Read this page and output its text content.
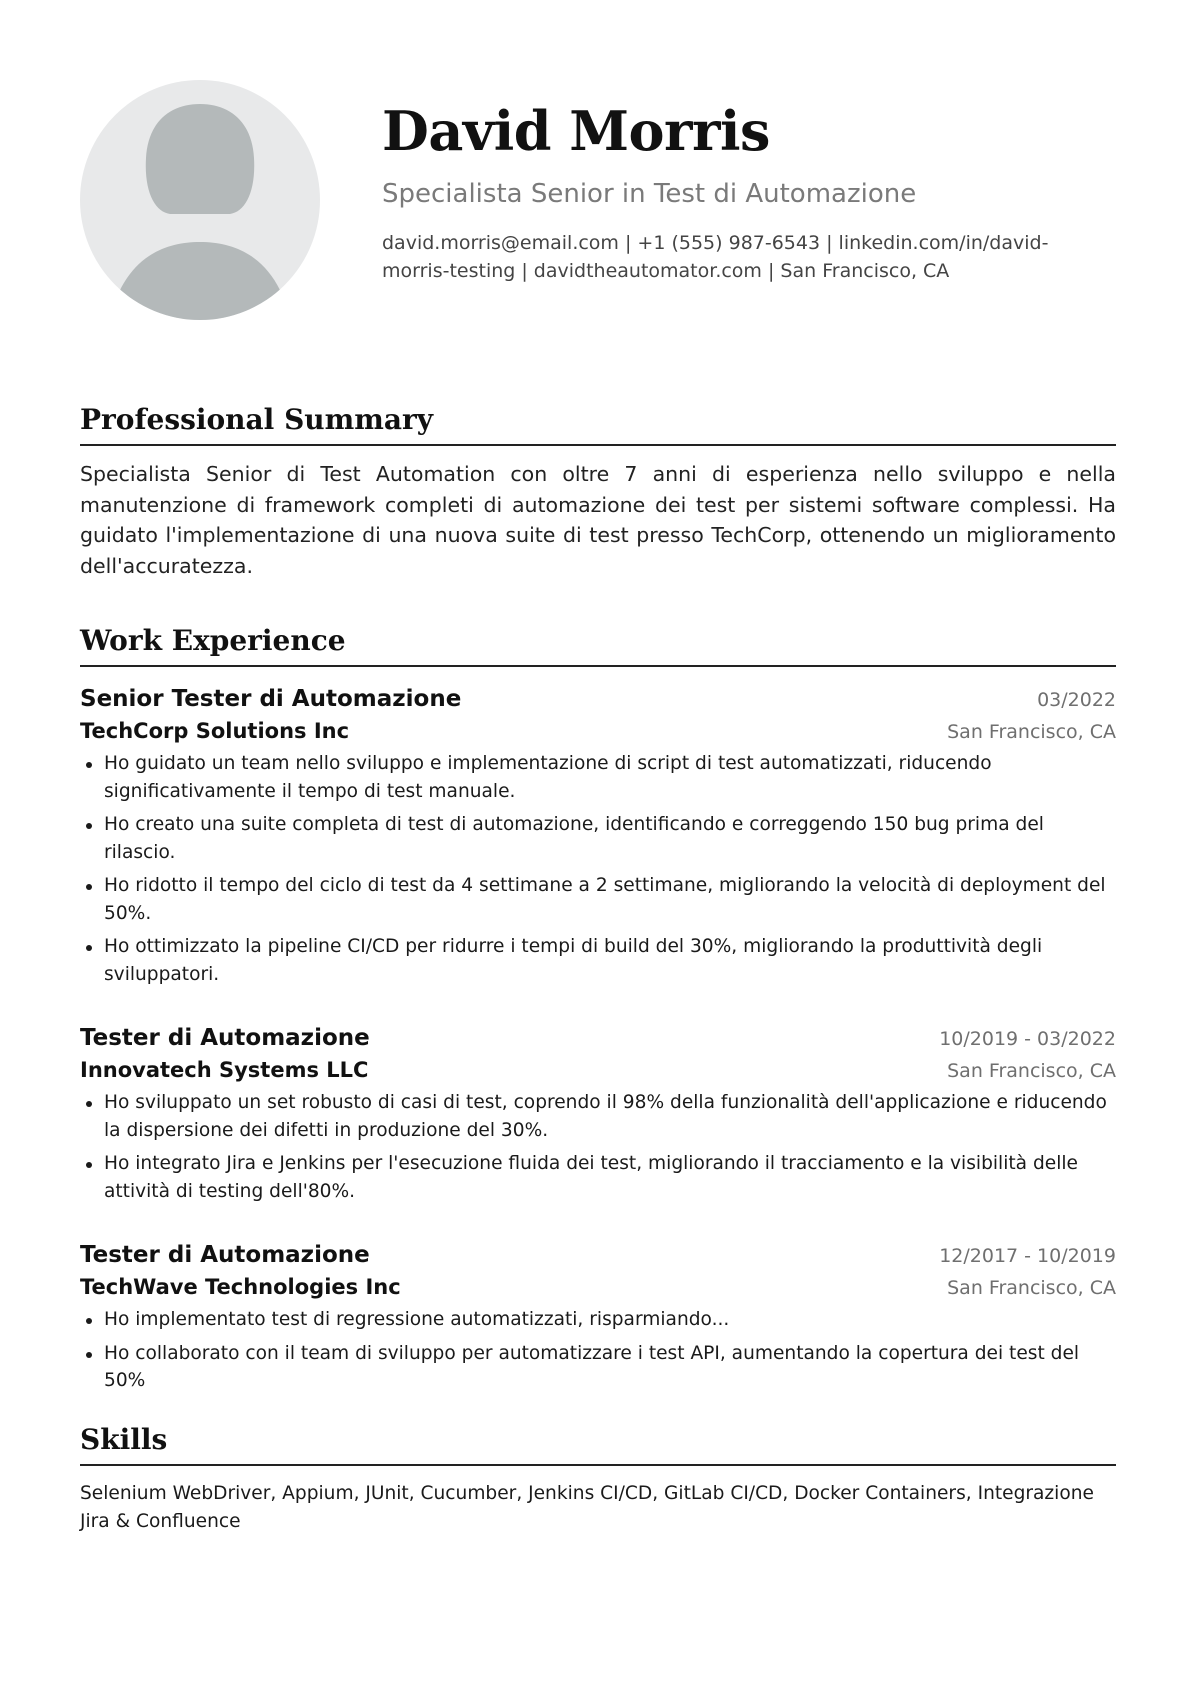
David Morris
Specialista Senior in Test di Automazione
david.morris@email.com | +1 (555) 987-6543 | linkedin.com/in/david-morris-testing | davidtheautomator.com | San Francisco, CA
Professional Summary

Specialista Senior di Test Automation con oltre 7 anni di esperienza nello sviluppo e nella manutenzione di framework completi di automazione dei test per sistemi software complessi. Ha guidato l'implementazione di una nuova suite di test presso TechCorp, ottenendo un miglioramento dell'accuratezza.

Work Experience
Senior Tester di Automazione	03/2022
TechCorp Solutions Inc	San Francisco, CA
Ho guidato un team nello sviluppo e implementazione di script di test automatizzati, riducendo significativamente il tempo di test manuale.
Ho creato una suite completa di test di automazione, identificando e correggendo 150 bug prima del rilascio.
Ho ridotto il tempo del ciclo di test da 4 settimane a 2 settimane, migliorando la velocità di deployment del 50%.
Ho ottimizzato la pipeline CI/CD per ridurre i tempi di build del 30%, migliorando la produttività degli sviluppatori.
Tester di Automazione	10/2019 - 03/2022
Innovatech Systems LLC	San Francisco, CA
Ho sviluppato un set robusto di casi di test, coprendo il 98% della funzionalità dell'applicazione e riducendo la dispersione dei difetti in produzione del 30%.
Ho integrato Jira e Jenkins per l'esecuzione fluida dei test, migliorando il tracciamento e la visibilità delle attività di testing dell'80%.
Tester di Automazione	12/2017 - 10/2019
TechWave Technologies Inc	San Francisco, CA
Ho implementato test di regressione automatizzati, risparmiando...
Ho collaborato con il team di sviluppo per automatizzare i test API, aumentando la copertura dei test del 50%
Skills

Selenium WebDriver, Appium, JUnit, Cucumber, Jenkins CI/CD, GitLab CI/CD, Docker Containers, Integrazione Jira & Confluence
